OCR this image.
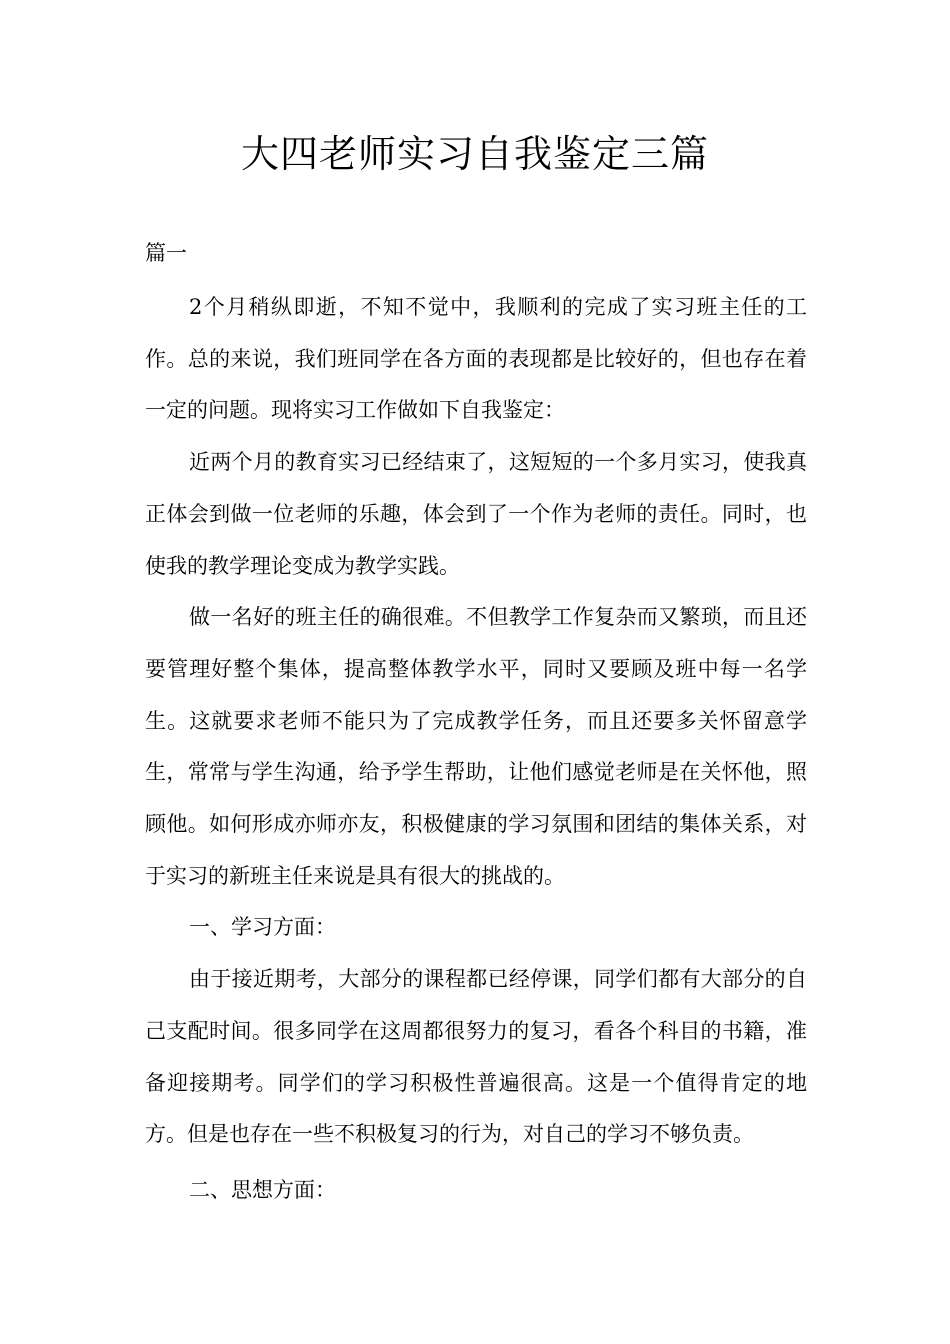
大四老师实习自我鉴定三篇
篇一

2个月稍纵即逝，不知不觉中，我顺利的完成了实习班主任的工作。总的来说，我们班同学在各方面的表现都是比较好的，但也存在着一定的问题。现将实习工作做如下自我鉴定：

近两个月的教育实习已经结束了，这短短的一个多月实习，使我真正体会到做一位老师的乐趣，体会到了一个作为老师的责任。同时，也使我的教学理论变成为教学实践。

做一名好的班主任的确很难。不但教学工作复杂而又繁琐，而且还要管理好整个集体，提高整体教学水平，同时又要顾及班中每一名学生。这就要求老师不能只为了完成教学任务，而且还要多关怀留意学生，常常与学生沟通，给予学生帮助，让他们感觉老师是在关怀他，照顾他。如何形成亦师亦友，积极健康的学习氛围和团结的集体关系，对于实习的新班主任来说是具有很大的挑战的。

一、学习方面：

由于接近期考，大部分的课程都已经停课，同学们都有大部分的自己支配时间。很多同学在这周都很努力的复习，看各个科目的书籍，准备迎接期考。同学们的学习积极性普遍很高。这是一个值得肯定的地方。但是也存在一些不积极复习的行为，对自己的学习不够负责。

二、思想方面：
